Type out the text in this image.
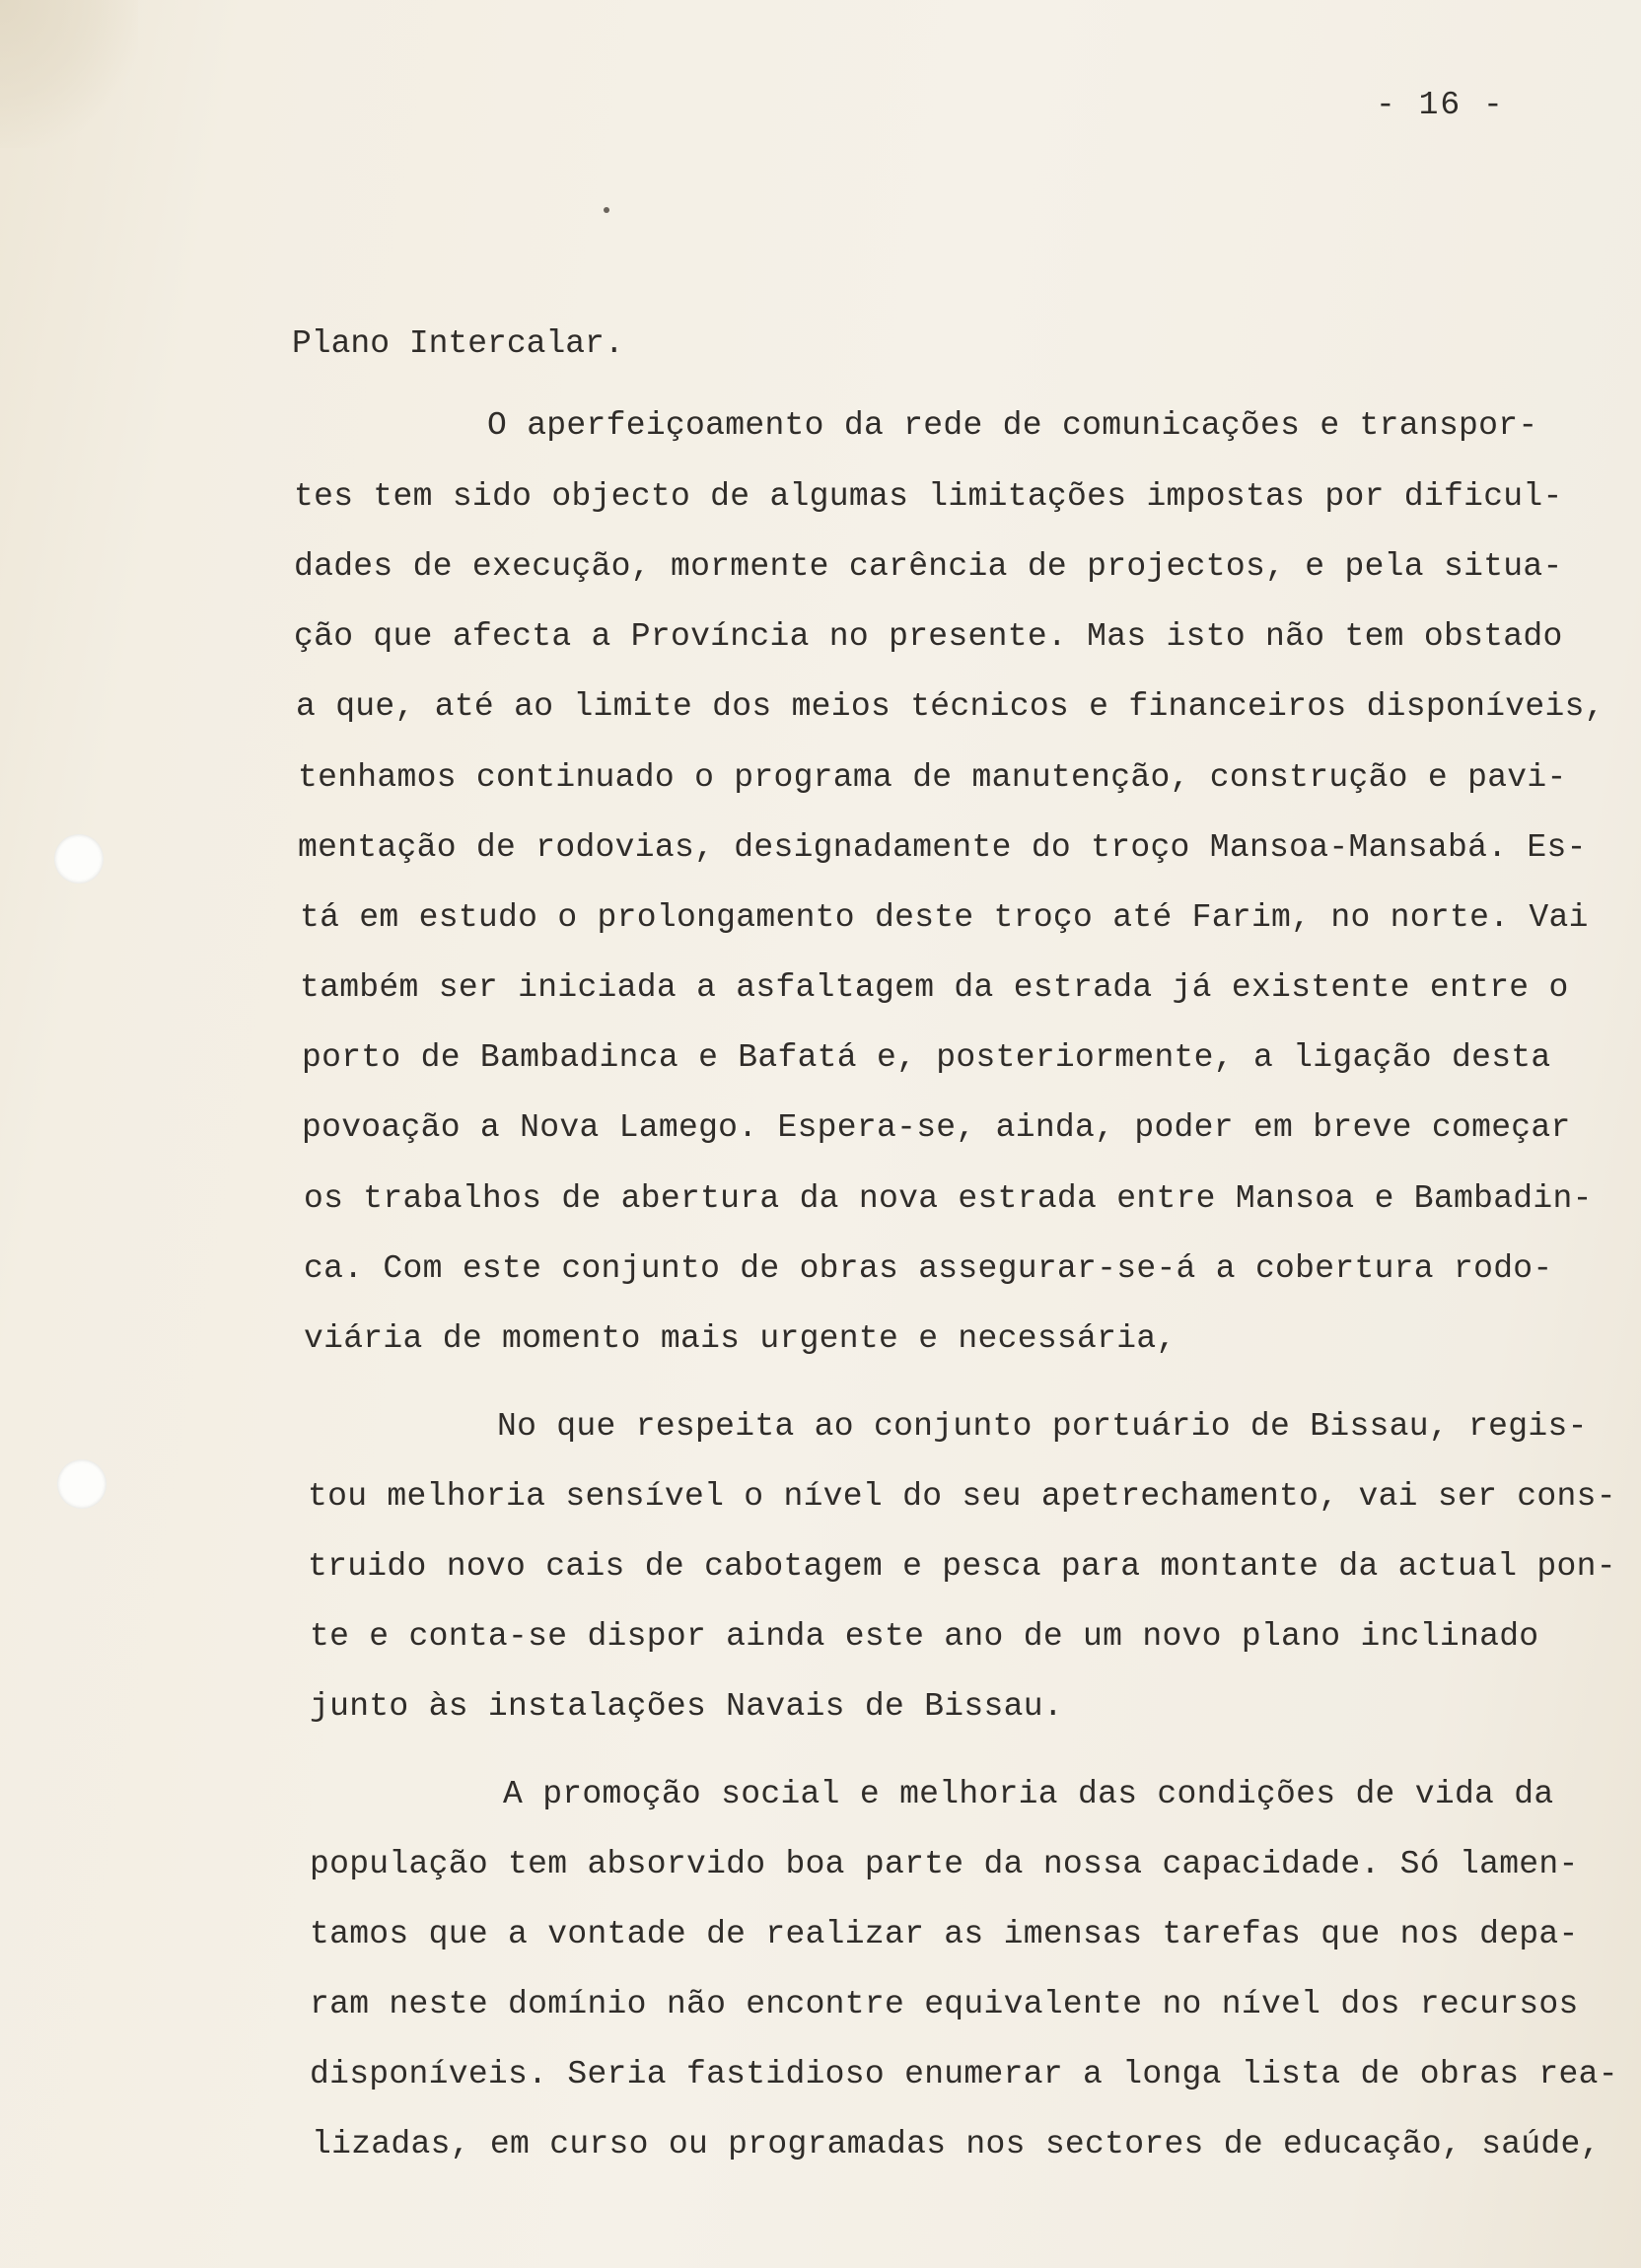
- 16 -
Plano Intercalar.
O aperfeiçoamento da rede de comunicações e transpor-
tes tem sido objecto de algumas limitações impostas por dificul-
dades de execução, mormente carência de projectos, e pela situa-
ção que afecta a Província no presente. Mas isto não tem obstado
a que, até ao limite dos meios técnicos e financeiros disponíveis,
tenhamos continuado o programa de manutenção, construção e pavi-
mentação de rodovias, designadamente do troço Mansoa-Mansabá. Es-
tá em estudo o prolongamento deste troço até Farim, no norte. Vai
também ser iniciada a asfaltagem da estrada já existente entre o
porto de Bambadinca e Bafatá e, posteriormente, a ligação desta
povoação a Nova Lamego. Espera-se, ainda, poder em breve começar
os trabalhos de abertura da nova estrada entre Mansoa e Bambadin-
ca. Com este conjunto de obras assegurar-se-á a cobertura rodo-
viária de momento mais urgente e necessária,
No que respeita ao conjunto portuário de Bissau, regis-
tou melhoria sensível o nível do seu apetrechamento, vai ser cons-
truido novo cais de cabotagem e pesca para montante da actual pon-
te e conta-se dispor ainda este ano de um novo plano inclinado
junto às instalações Navais de Bissau.
A promoção social e melhoria das condições de vida da
população tem absorvido boa parte da nossa capacidade. Só lamen-
tamos que a vontade de realizar as imensas tarefas que nos depa-
ram neste domínio não encontre equivalente no nível dos recursos
disponíveis. Seria fastidioso enumerar a longa lista de obras rea-
lizadas, em curso ou programadas nos sectores de educação, saúde,
